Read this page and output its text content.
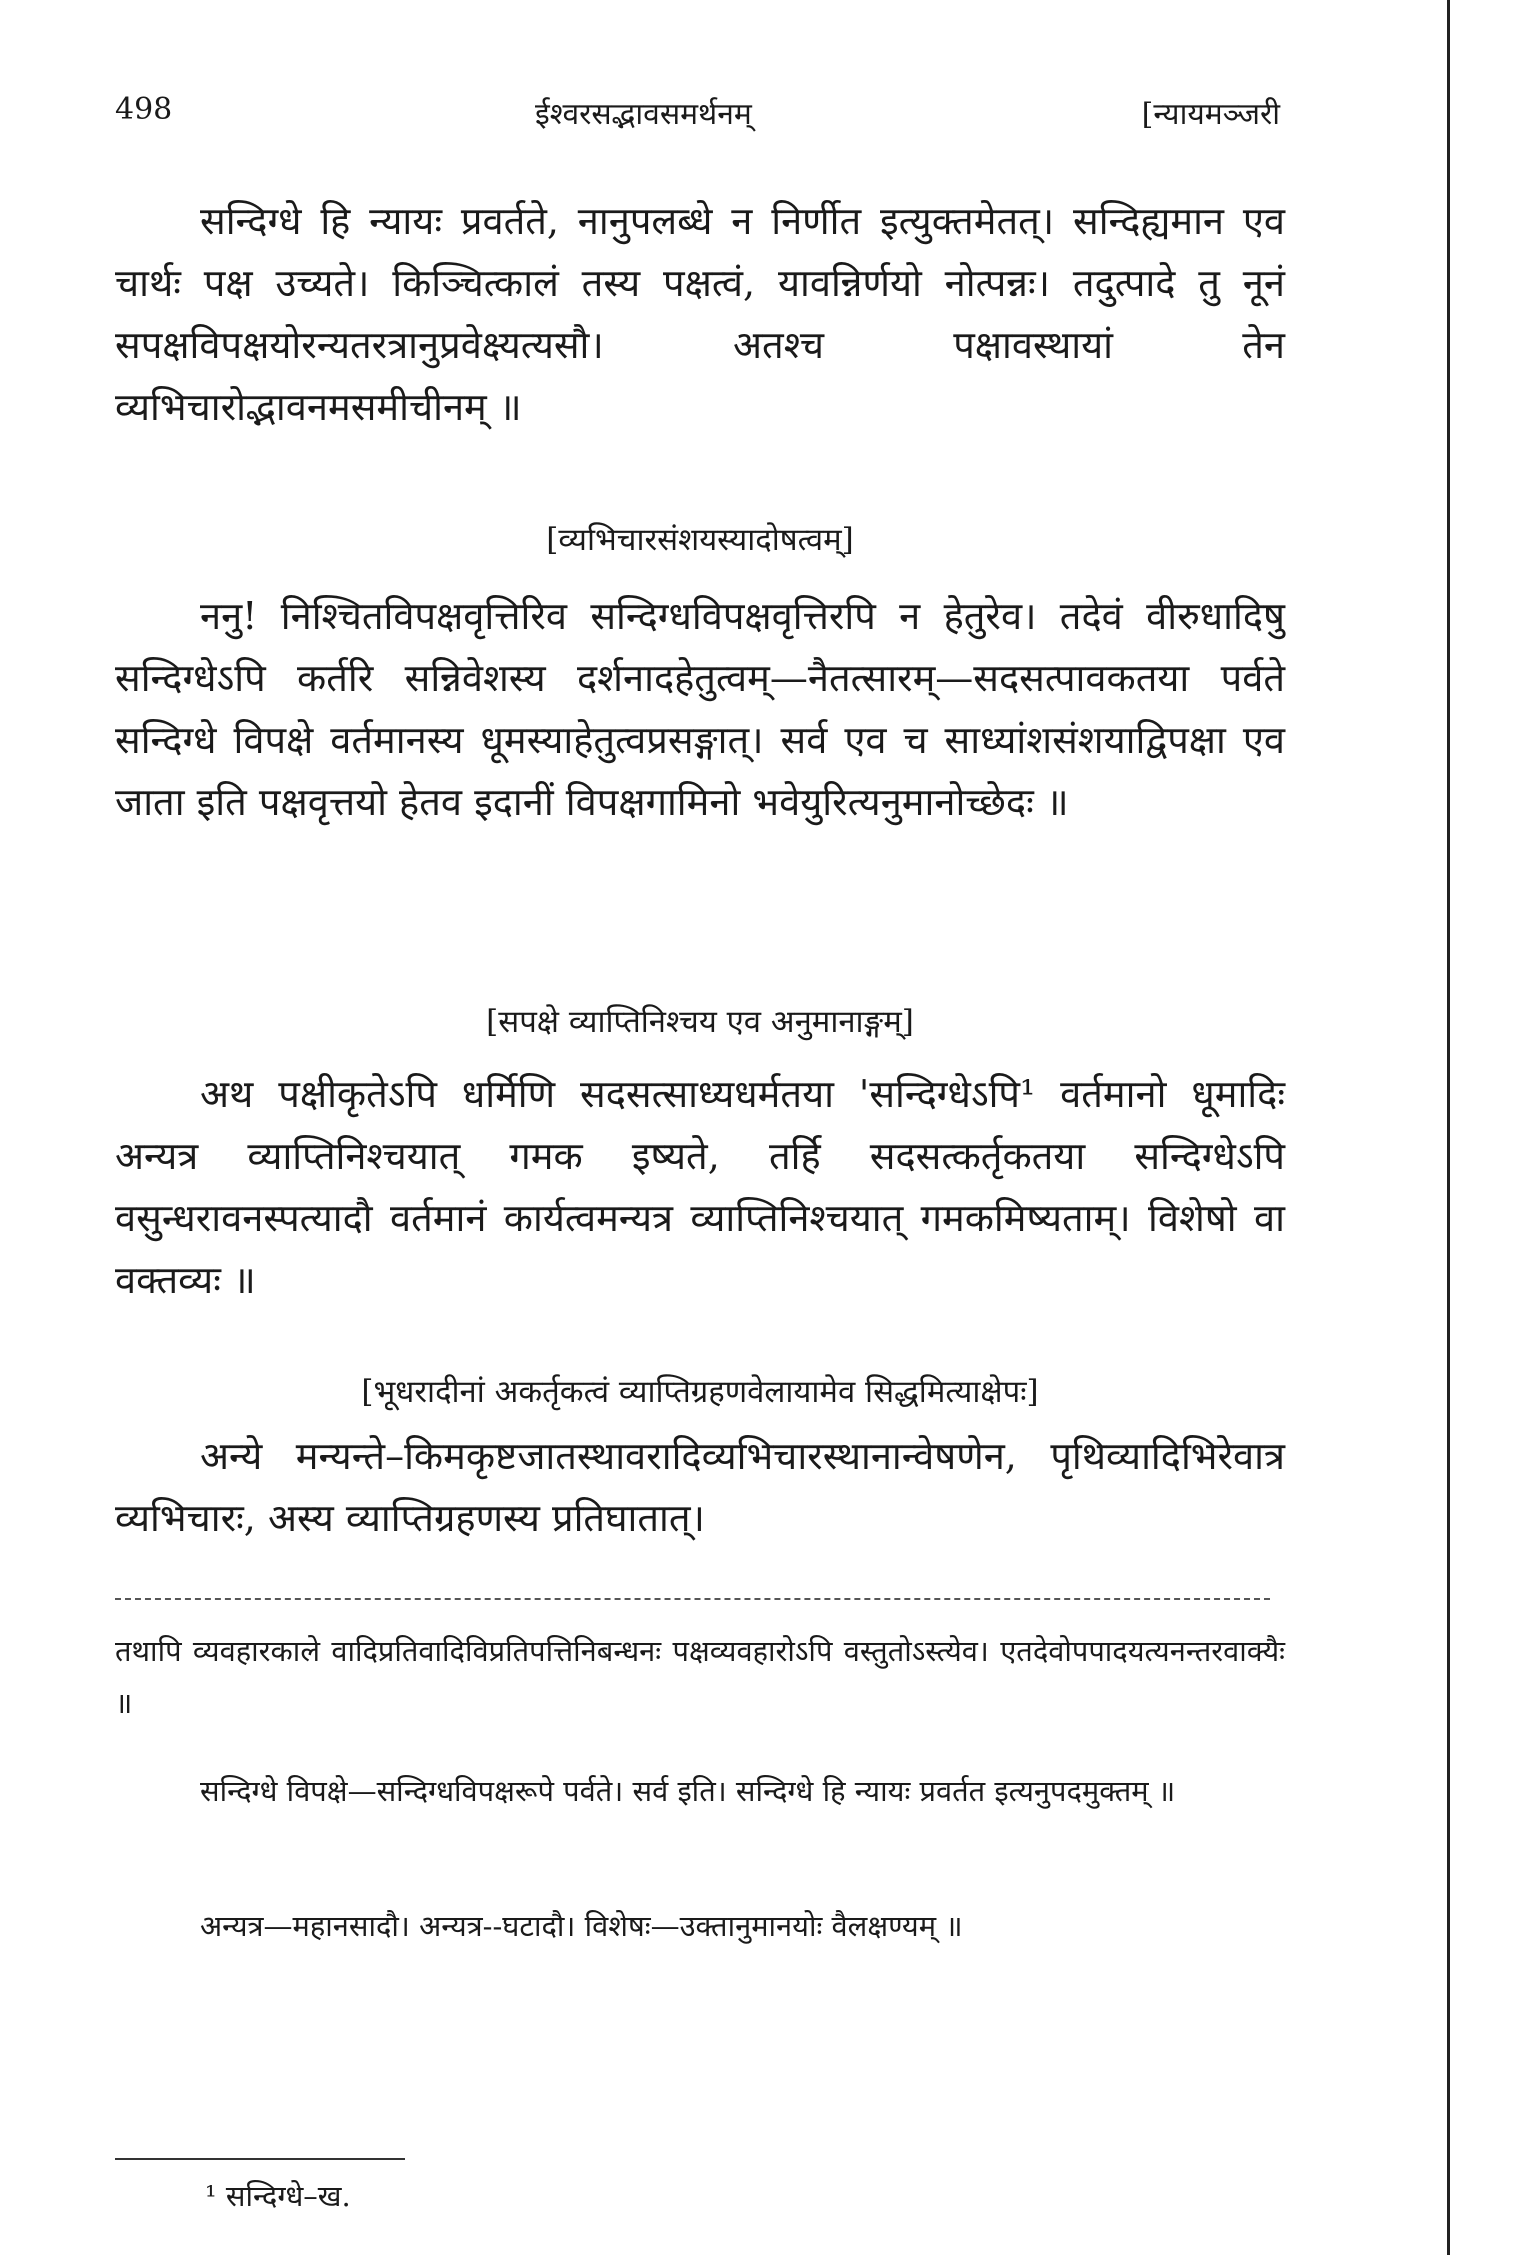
498	ईश्वरसद्भावसमर्थनम्	[न्यायमञ्जरी

सन्दिग्धे हि न्यायः प्रवर्तते, नानुपलब्धे न निर्णीत इत्युक्तमेतत्। सन्दिह्यमान एव चार्थः पक्ष उच्यते। किञ्चित्कालं तस्य पक्षत्वं, यावन्निर्णयो नोत्पन्नः। तदुत्पादे तु नूनं सपक्षविपक्षयोरन्यतरत्रानुप्रवेक्ष्यत्यसौ। अतश्च पक्षावस्थायां तेन व्यभिचारोद्भावनमसमीचीनम् ॥

[व्यभिचारसंशयस्यादोषत्वम्]

ननु! निश्चितविपक्षवृत्तिरिव सन्दिग्धविपक्षवृत्तिरपि न हेतुरेव। तदेवं वीरुधादिषु सन्दिग्धेऽपि कर्तरि सन्निवेशस्य दर्शनादहेतुत्वम्—नैतत्सारम्—सदसत्पावकतया पर्वते सन्दिग्धे विपक्षे वर्तमानस्य धूमस्याहेतुत्वप्रसङ्गात्। सर्व एव च साध्यांशसंशयाद्विपक्षा एव जाता इति पक्षवृत्तयो हेतव इदानीं विपक्षगामिनो भवेयुरित्यनुमानोच्छेदः ॥

[सपक्षे व्याप्तिनिश्चय एव अनुमानाङ्गम्]

अथ पक्षीकृतेऽपि धर्मिणि सदसत्साध्यधर्मतया 'सन्दिग्धेऽपि¹ वर्तमानो धूमादिः अन्यत्र व्याप्तिनिश्चयात् गमक इष्यते, तर्हि सदसत्कर्तृकतया सन्दिग्धेऽपि वसुन्धरावनस्पत्यादौ वर्तमानं कार्यत्वमन्यत्र व्याप्तिनिश्चयात् गमकमिष्यताम्। विशेषो वा वक्तव्यः ॥

[भूधरादीनां अकर्तृकत्वं व्याप्तिग्रहणवेलायामेव सिद्धमित्याक्षेपः]

अन्ये मन्यन्ते–किमकृष्टजातस्थावरादिव्यभिचारस्थानान्वेषणेन, पृथिव्यादिभिरेवात्र व्यभिचारः, अस्य व्याप्तिग्रहणस्य प्रतिघातात्।

तथापि व्यवहारकाले वादिप्रतिवादिविप्रतिपत्तिनिबन्धनः पक्षव्यवहारोऽपि वस्तुतोऽस्त्येव। एतदेवोपपादयत्यनन्तरवाक्यैः ॥

सन्दिग्धे विपक्षे—सन्दिग्धविपक्षरूपे पर्वते। सर्व इति। सन्दिग्धे हि न्यायः प्रवर्तत इत्यनुपदमुक्तम् ॥

अन्यत्र—महानसादौ। अन्यत्र--घटादौ। विशेषः—उक्तानुमानयोः वैलक्षण्यम् ॥

¹ सन्दिग्धे–ख.
